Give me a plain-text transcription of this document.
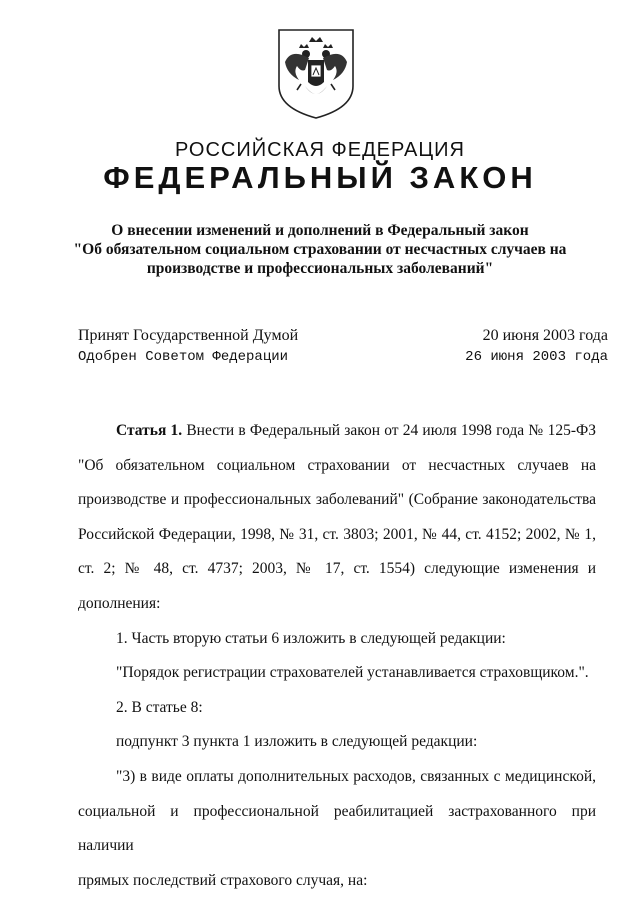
РОССИЙСКАЯ ФЕДЕРАЦИЯ
ФЕДЕРАЛЬНЫЙ ЗАКОН
О внесении изменений и дополнений в Федеральный закон
"Об обязательном социальном страховании от несчастных случаев на
производстве и профессиональных заболеваний"
Принят Государственной Думой	20 июня 2003 года
Одобрен Советом Федерации	26 июня 2003 года

Статья 1. Внести в Федеральный закон от 24 июля 1998 года № 125-ФЗ

"Об обязательном социальном страховании от несчастных случаев на

производстве и профессиональных заболеваний" (Собрание законодательства

Российской Федерации, 1998, № 31, ст. 3803; 2001, № 44, ст. 4152; 2002, № 1,

ст. 2; № 48, ст. 4737; 2003, № 17, ст. 1554) следующие изменения и

дополнения:

1. Часть вторую статьи 6 изложить в следующей редакции:

"Порядок регистрации страхователей устанавливается страховщиком.".

2. В статье 8:

подпункт 3 пункта 1 изложить в следующей редакции:

"3) в виде оплаты дополнительных расходов, связанных с медицинской,

социальной и профессиональной реабилитацией застрахованного при наличии

прямых последствий страхового случая, на:
